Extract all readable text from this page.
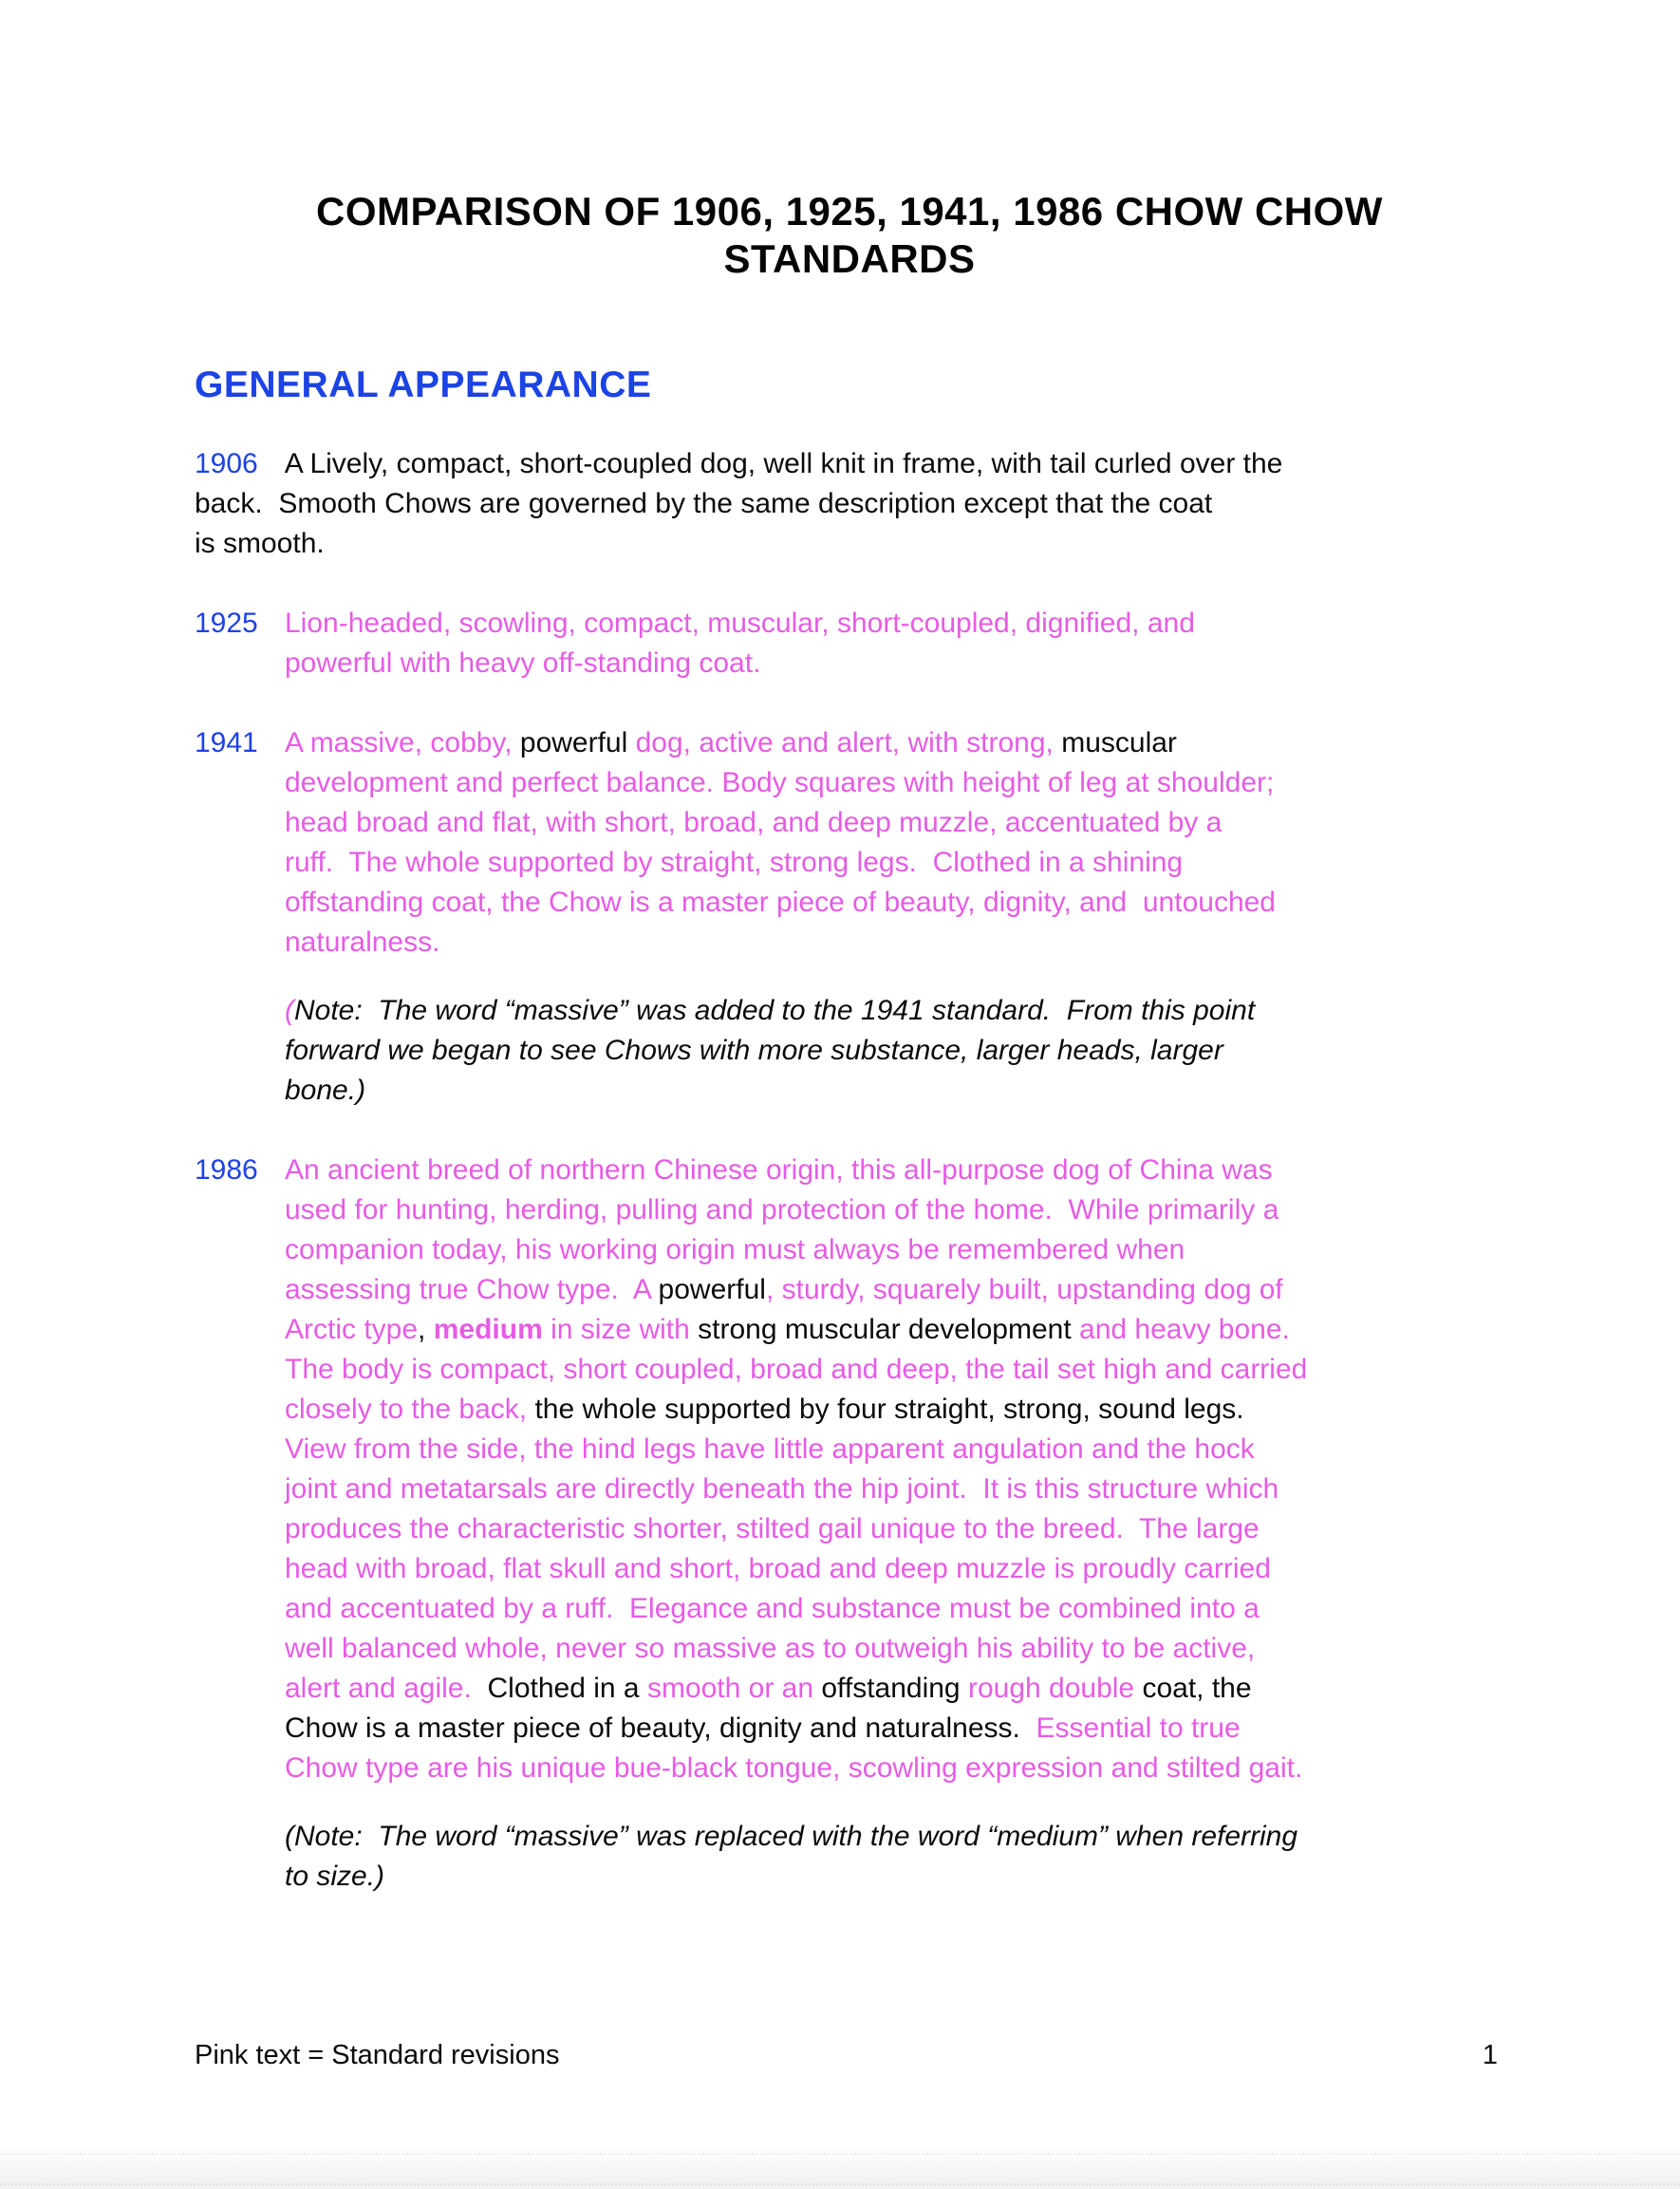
COMPARISON OF 1906, 1925, 1941, 1986 CHOW CHOW STANDARDS
GENERAL APPEARANCE
1906 A Lively, compact, short-coupled dog, well knit in frame, with tail curled over the
back.  Smooth Chows are governed by the same description except that the coat
is smooth.
1925 Lion-headed, scowling, compact, muscular, short-coupled, dignified, and
powerful with heavy off-standing coat.
1941 A massive, cobby, powerful dog, active and alert, with strong, muscular
development and perfect balance. Body squares with height of leg at shoulder;
head broad and flat, with short, broad, and deep muzzle, accentuated by a
ruff.  The whole supported by straight, strong legs.  Clothed in a shining
offstanding coat, the Chow is a master piece of beauty, dignity, and  untouched
naturalness.
(Note:  The word “massive” was added to the 1941 standard.  From this point
forward we began to see Chows with more substance, larger heads, larger
bone.)
1986 An ancient breed of northern Chinese origin, this all-purpose dog of China was
used for hunting, herding, pulling and protection of the home.  While primarily a
companion today, his working origin must always be remembered when
assessing true Chow type.  A powerful, sturdy, squarely built, upstanding dog of
Arctic type, medium in size with strong muscular development and heavy bone.
The body is compact, short coupled, broad and deep, the tail set high and carried
closely to the back, the whole supported by four straight, strong, sound legs.
View from the side, the hind legs have little apparent angulation and the hock
joint and metatarsals are directly beneath the hip joint.  It is this structure which
produces the characteristic shorter, stilted gail unique to the breed.  The large
head with broad, flat skull and short, broad and deep muzzle is proudly carried
and accentuated by a ruff.  Elegance and substance must be combined into a
well balanced whole, never so massive as to outweigh his ability to be active,
alert and agile.  Clothed in a smooth or an offstanding rough double coat, the
Chow is a master piece of beauty, dignity and naturalness.  Essential to true
Chow type are his unique bue-black tongue, scowling expression and stilted gait.
(Note:  The word “massive” was replaced with the word “medium” when referring
to size.)
Pink text = Standard revisions	1
